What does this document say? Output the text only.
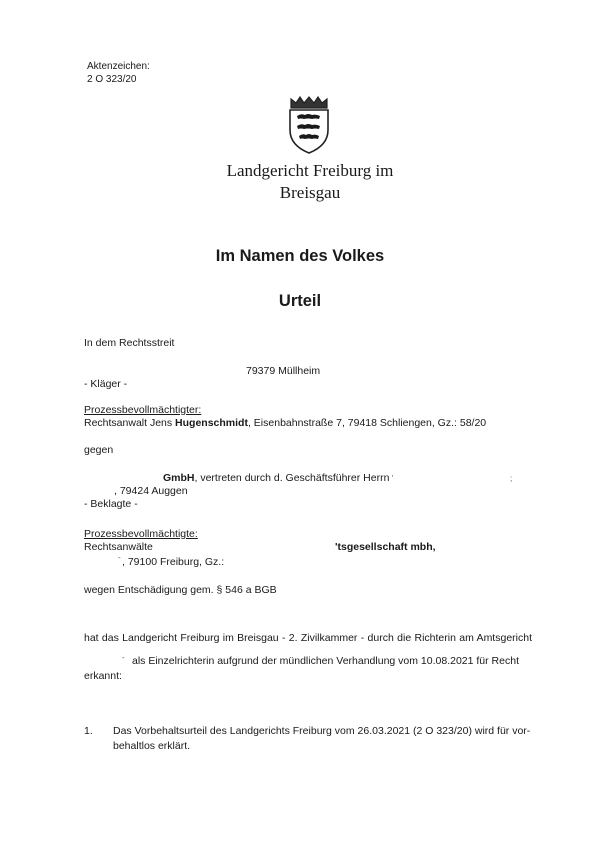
Aktenzeichen:
2 O 323/20
Landgericht Freiburg im
Breisgau
Im Namen des Volkes
Urteil
In dem Rechtsstreit
79379 Müllheim
- Kläger -
Prozessbevollmächtigter:
Rechtsanwalt Jens Hugenschmidt, Eisenbahnstraße 7, 79418 Schliengen, Gz.: 58/20
gegen
GmbH, vertreten durch d. Geschäftsführer Herrn '	;
, 79424 Auggen
- Beklagte -
Prozessbevollmächtigte:
Rechtsanwälte	'tsgesellschaft mbh,
- , 79100 Freiburg, Gz.:
wegen Entschädigung gem. § 546 a BGB
hat das Landgericht Freiburg im Breisgau - 2. Zivilkammer - durch die Richterin am Amtsgericht
- als Einzelrichterin aufgrund der mündlichen Verhandlung vom 10.08.2021 für Recht
erkannt:
1. Das Vorbehaltsurteil des Landgerichts Freiburg vom 26.03.2021 (2 O 323/20) wird für vor-
behaltlos erklärt.
